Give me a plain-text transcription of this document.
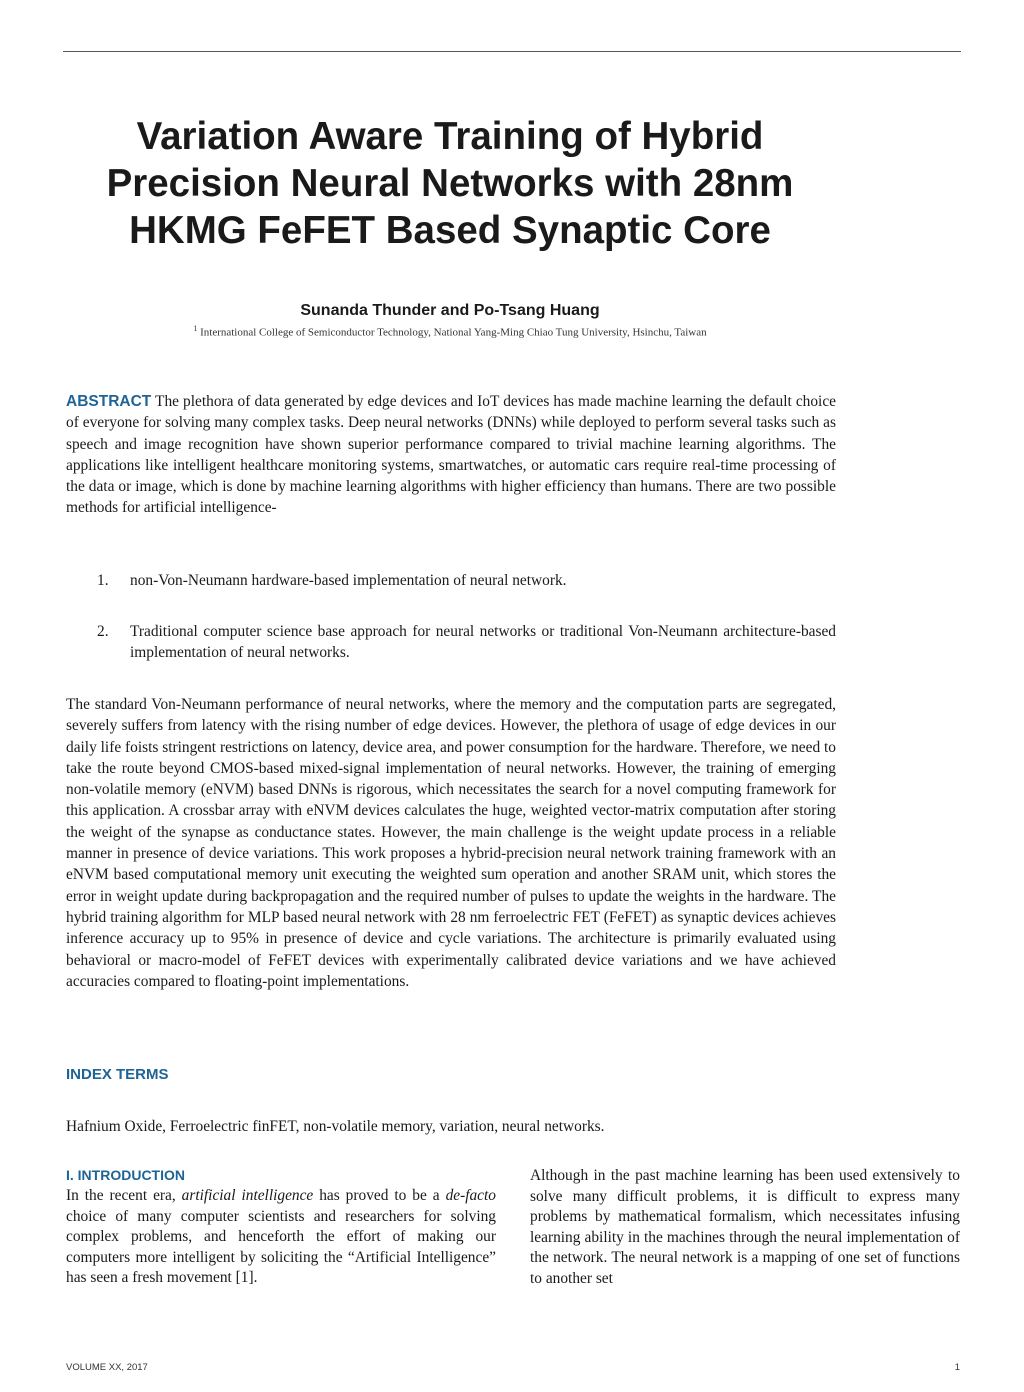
Variation Aware Training of Hybrid
Precision Neural Networks with 28nm
HKMG FeFET Based Synaptic Core
Sunanda Thunder and Po-Tsang Huang
$^1$ International College of Semiconductor Technology, National Yang-Ming Chiao Tung University, Hsinchu, Taiwan

ABSTRACT The plethora of data generated by edge devices and IoT devices has made machine learning the default choice of everyone for solving many complex tasks. Deep neural networks (DNNs) while deployed to perform several tasks such as speech and image recognition have shown superior performance compared to trivial machine learning algorithms. The applications like intelligent healthcare monitoring systems, smartwatches, or automatic cars require real-time processing of the data or image, which is done by machine learning algorithms with higher efficiency than humans. There are two possible methods for artificial intelligence-

1. non-Von-Neumann hardware-based implementation of neural network.
2. Traditional computer science base approach for neural networks or traditional Von-Neumann architecture-based implementation of neural networks.

The standard Von-Neumann performance of neural networks, where the memory and the computation parts are segregated, severely suffers from latency with the rising number of edge devices. However, the plethora of usage of edge devices in our daily life foists stringent restrictions on latency, device area, and power consumption for the hardware. Therefore, we need to take the route beyond CMOS-based mixed-signal implementation of neural networks. However, the training of emerging non-volatile memory (eNVM) based DNNs is rigorous, which necessitates the search for a novel computing framework for this application. A crossbar array with eNVM devices calculates the huge, weighted vector-matrix computation after storing the weight of the synapse as conductance states. However, the main challenge is the weight update process in a reliable manner in presence of device variations. This work proposes a hybrid-precision neural network training framework with an eNVM based computational memory unit executing the weighted sum operation and another SRAM unit, which stores the error in weight update during backpropagation and the required number of pulses to update the weights in the hardware. The hybrid training algorithm for MLP based neural network with 28 nm ferroelectric FET (FeFET) as synaptic devices achieves inference accuracy up to 95% in presence of device and cycle variations. The architecture is primarily evaluated using behavioral or macro-model of FeFET devices with experimentally calibrated device variations and we have achieved accuracies compared to floating-point implementations.

INDEX TERMS

Hafnium Oxide, Ferroelectric finFET, non-volatile memory, variation, neural networks.

I. INTRODUCTION

In the recent era, artificial intelligence has proved to be a de-facto choice of many computer scientists and researchers for solving complex problems, and henceforth the effort of making our computers more intelligent by soliciting the “Artificial Intelligence” has seen a fresh movement [1].

Although in the past machine learning has been used extensively to solve many difficult problems, it is difficult to express many problems by mathematical formalism, which necessitates infusing learning ability in the machines through the neural implementation of the network. The neural network is a mapping of one set of functions to another set

VOLUME XX, 2017	1
